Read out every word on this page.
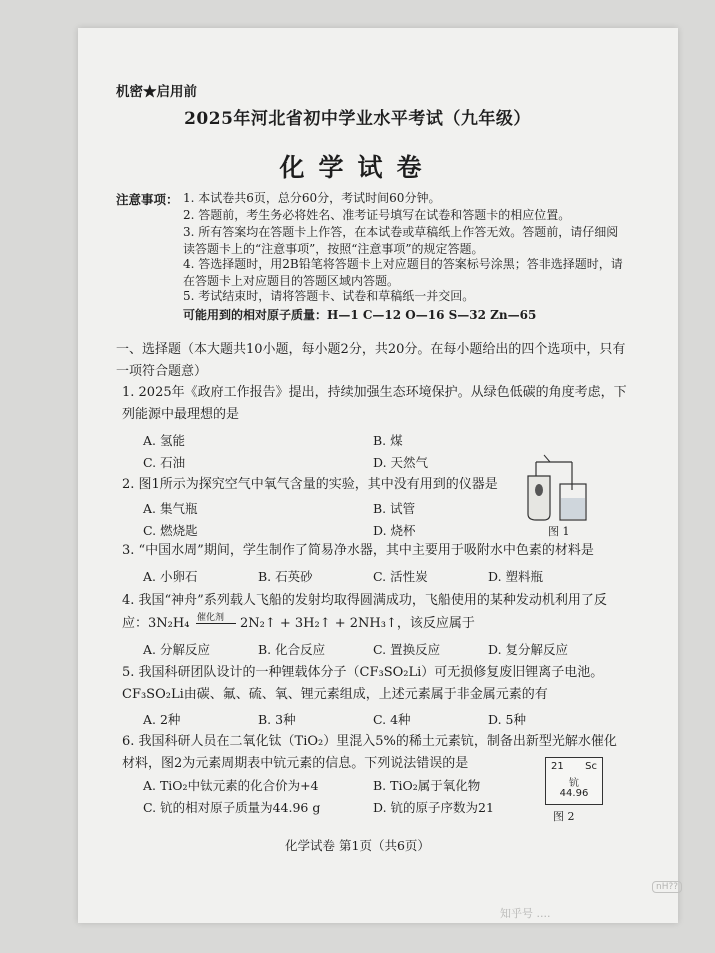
机密★启用前
2025年河北省初中学业水平考试（九年级）
化学试卷
注意事项： 1. 本试卷共6页，总分60分，考试时间60分钟。
2. 答题前，考生务必将姓名、准考证号填写在试卷和答题卡的相应位置。
3. 所有答案均在答题卡上作答，在本试卷或草稿纸上作答无效。答题前，请仔细阅读答题卡上的“注意事项”，按照“注意事项”的规定答题。
4. 答选择题时，用2B铅笔将答题卡上对应题目的答案标号涂黑；答非选择题时，请在答题卡上对应题目的答题区域内答题。
5. 考试结束时，请将答题卡、试卷和草稿纸一并交回。
可能用到的相对原子质量：H—1 C—12 O—16 S—32 Zn—65
一、选择题（本大题共10小题，每小题2分，共20分。在每小题给出的四个选项中，只有一项符合题意）
1. 2025年《政府工作报告》提出，持续加强生态环境保护。从绿色低碳的角度考虑，下列能源中最理想的是
A. 氢能	B. 煤
C. 石油	D. 天然气
2. 图1所示为探究空气中氧气含量的实验，其中没有用到的仪器是
A. 集气瓶	B. 试管
C. 燃烧匙	D. 烧杯	图 1
3. “中国水周”期间，学生制作了简易净水器，其中主要用于吸附水中色素的材料是
A. 小卵石	B. 石英砂	C. 活性炭	D. 塑料瓶
4. 我国“神舟”系列载人飞船的发射均取得圆满成功，飞船使用的某种发动机利用了反
应：3N₂H₄ 催化剂 2N₂↑ + 3H₂↑ + 2NH₃↑，该反应属于
A. 分解反应	B. 化合反应	C. 置换反应	D. 复分解反应
5. 我国科研团队设计的一种锂载体分子（CF₃SO₂Li）可无损修复废旧锂离子电池。CF₃SO₂Li由碳、氟、硫、氧、锂元素组成，上述元素属于非金属元素的有
A. 2种	B. 3种	C. 4种	D. 5种
6. 我国科研人员在二氧化钛（TiO₂）里混入5%的稀土元素钪，制备出新型光解水催化材料，图2为元素周期表中钪元素的信息。下列说法错误的是
A. TiO₂中钛元素的化合价为+4	B. TiO₂属于氧化物
C. 钪的相对原子质量为44.96 g	D. 钪的原子序数为21
21 Sc
钪
44.96
图 2
化学试卷 第1页（共6页）
nH??
知乎号 ....
